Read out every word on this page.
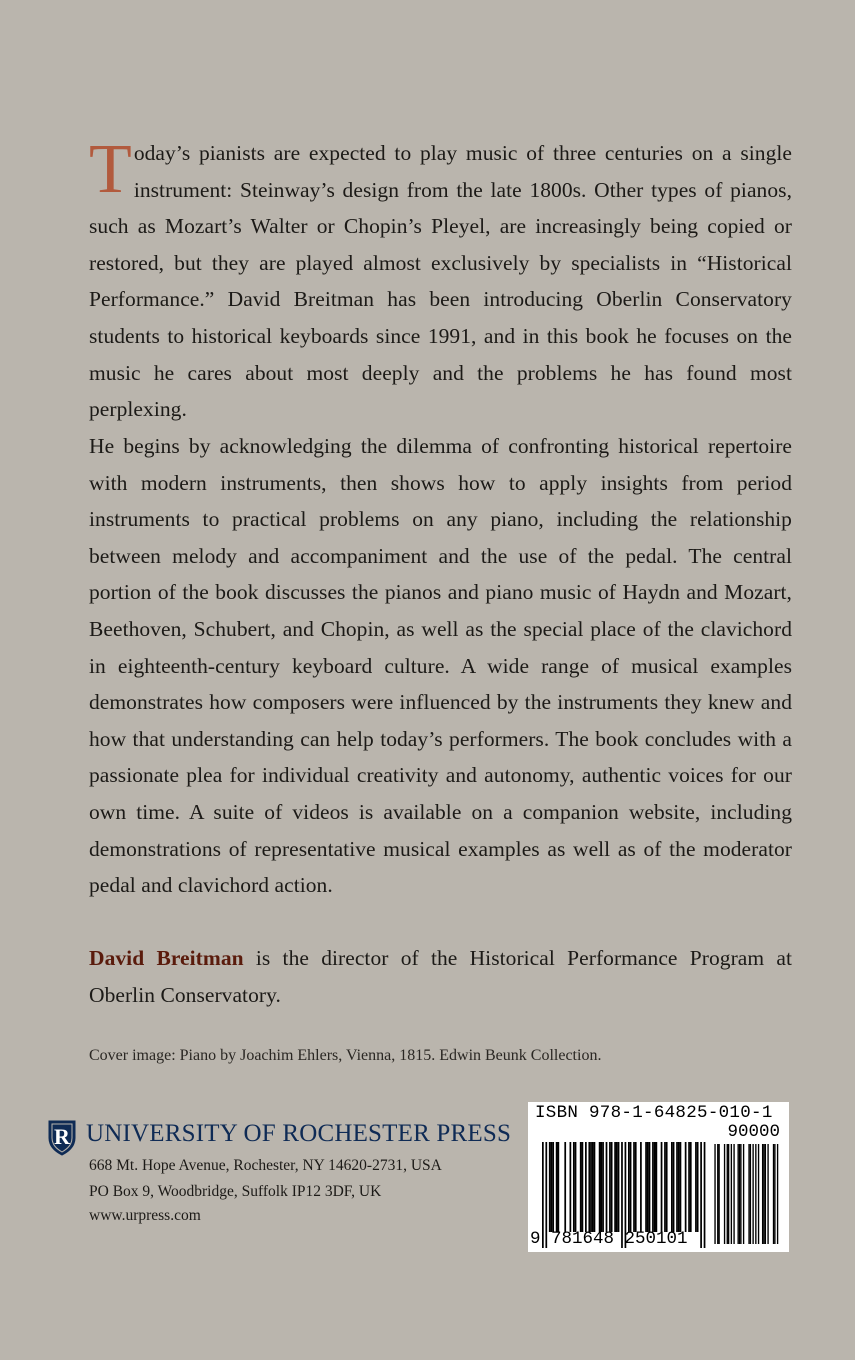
Today’s pianists are expected to play music of three centuries on a single instrument: Steinway’s design from the late 1800s. Other types of pianos, such as Mozart’s Walter or Chopin’s Pleyel, are increasingly being copied or restored, but they are played almost exclusively by specialists in “Historical Performance.” David Breitman has been introducing Oberlin Conservatory students to historical keyboards since 1991, and in this book he focuses on the music he cares about most deeply and the problems he has found most perplexing.

He begins by acknowledging the dilemma of confronting historical repertoire with modern instruments, then shows how to apply insights from period instruments to practical problems on any piano, including the relationship between melody and accompaniment and the use of the pedal. The central portion of the book discusses the pianos and piano music of Haydn and Mozart, Beethoven, Schubert, and Chopin, as well as the special place of the clavichord in eighteenth-century keyboard culture. A wide range of musical examples demonstrates how composers were influenced by the instruments they knew and how that understanding can help today’s performers. The book concludes with a passionate plea for individual creativity and autonomy, authentic voices for our own time. A suite of videos is available on a companion website, including demonstrations of representative musical examples as well as of the moderator pedal and clavichord action.

David Breitman is the director of the Historical Performance Program at Oberlin Conservatory.

Cover image: Piano by Joachim Ehlers, Vienna, 1815. Edwin Beunk Collection.

R UNIVERSITY OF ROCHESTER PRESS

668 Mt. Hope Avenue, Rochester, NY 14620-2731, USA

PO Box 9, Woodbridge, Suffolk IP12 3DF, UK

www.urpress.com

ISBN 978-1-64825-010-1
90000
9 781648 250101
